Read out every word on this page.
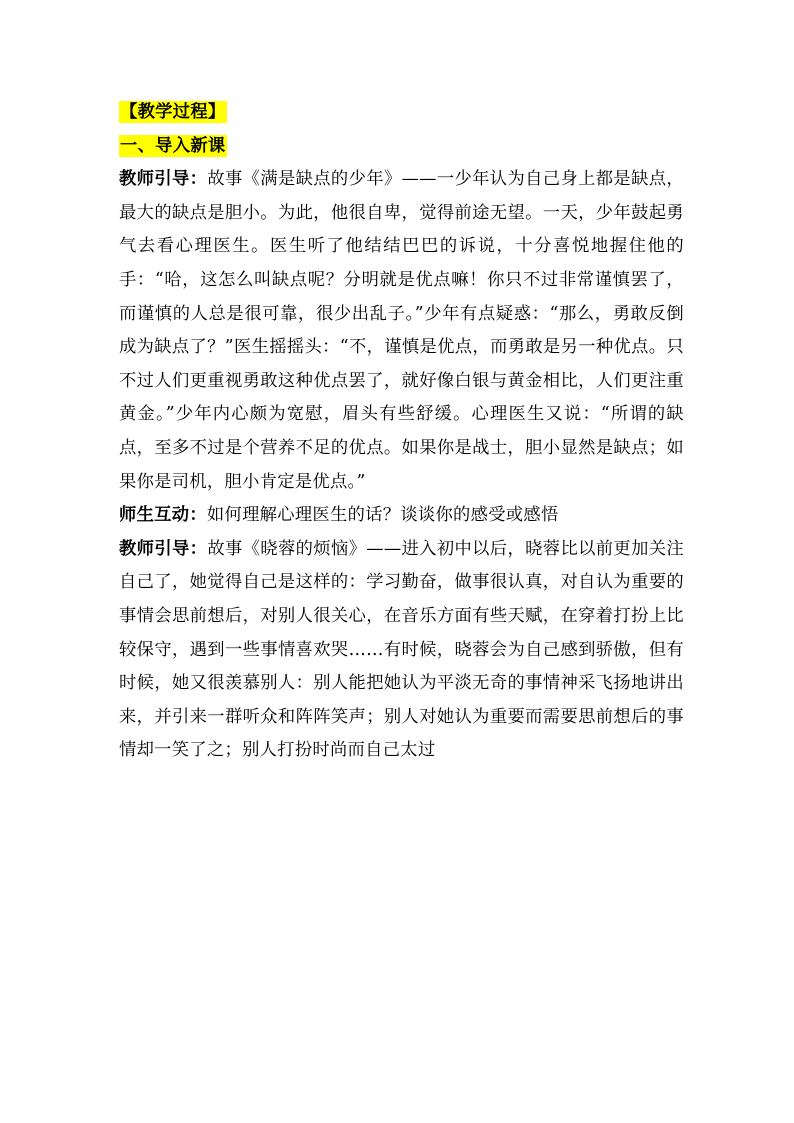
【教学过程】
一、导入新课
教师引导：故事《满是缺点的少年》——一少年认为自己身上都是缺点，最大的缺点是胆小。为此，他很自卑，觉得前途无望。一天，少年鼓起勇气去看心理医生。医生听了他结结巴巴的诉说，十分喜悦地握住他的手：“哈，这怎么叫缺点呢？分明就是优点嘛！你只不过非常谨慎罢了，而谨慎的人总是很可靠，很少出乱子。”少年有点疑惑：“那么，勇敢反倒成为缺点了？”医生摇摇头：“不，谨慎是优点，而勇敢是另一种优点。只不过人们更重视勇敢这种优点罢了，就好像白银与黄金相比，人们更注重黄金。”少年内心颇为宽慰，眉头有些舒缓。心理医生又说：“所谓的缺点，至多不过是个营养不足的优点。如果你是战士，胆小显然是缺点；如果你是司机，胆小肯定是优点。”
师生互动：如何理解心理医生的话？谈谈你的感受或感悟
教师引导：故事《晓蓉的烦恼》——进入初中以后，晓蓉比以前更加关注自己了，她觉得自己是这样的：学习勤奋，做事很认真，对自认为重要的事情会思前想后，对别人很关心，在音乐方面有些天赋，在穿着打扮上比较保守，遇到一些事情喜欢哭……有时候，晓蓉会为自己感到骄傲，但有时候，她又很羡慕别人：别人能把她认为平淡无奇的事情神采飞扬地讲出来，并引来一群听众和阵阵笑声；别人对她认为重要而需要思前想后的事情却一笑了之；别人打扮时尚而自己太过
